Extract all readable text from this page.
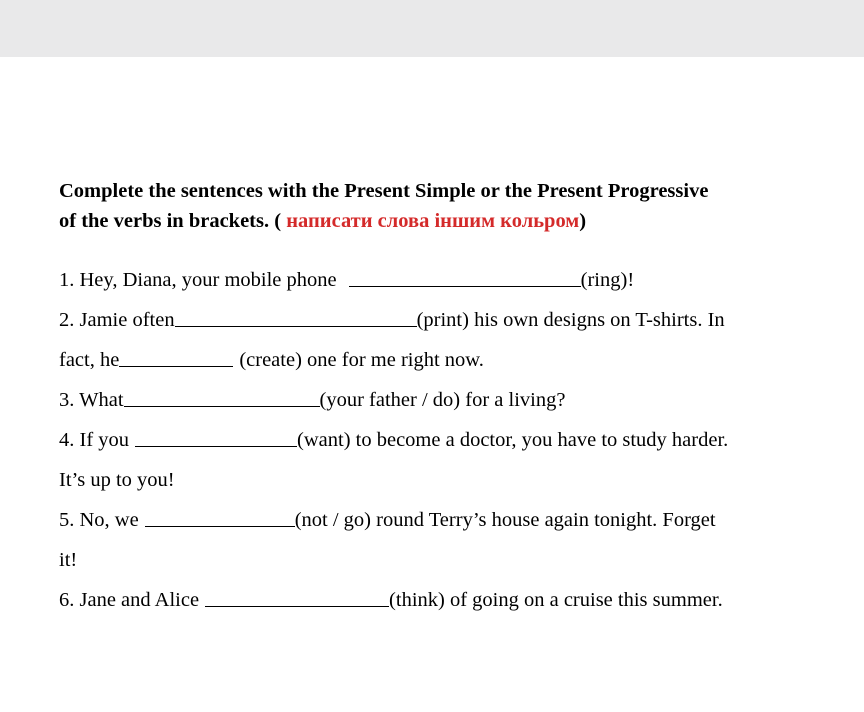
Complete the sentences with the Present Simple or the Present Progressive
of the verbs in brackets. ( написати слова іншим кольром)

1. Hey, Diana, your mobile phone	(ring)!
2. Jamie often	(print) his own designs on T-shirts. In
fact, he	(create) one for me right now.
3. What	(your father / do) for a living?
4. If you	(want) to become a doctor, you have to study harder.
It’s up to you!
5. No, we	(not / go) round Terry’s house again tonight. Forget
it!
6. Jane and Alice	(think) of going on a cruise this summer.
